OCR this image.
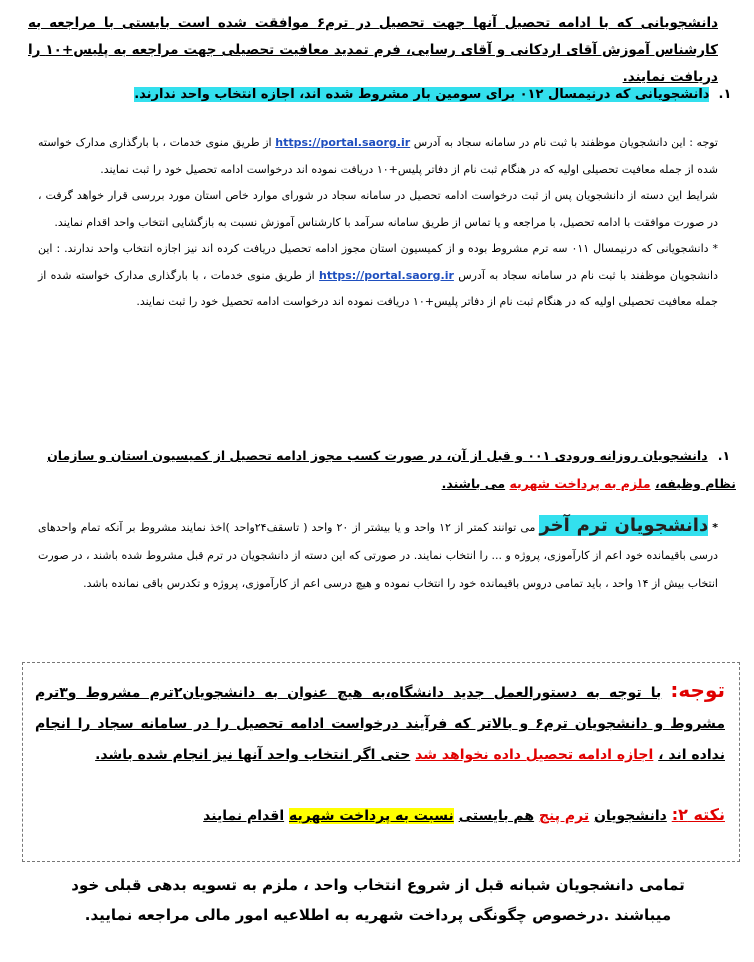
دانشجویانی که با ادامه تحصیل آنها جهت تحصیل در ترم۶ موافقت شده است بایستی با مراجعه به کارشناس آموزش آقای اردکانی و آقای رسایی، فرم تمدید معافیت تحصیلی جهت مراجعه به پلیس+۱۰ را دریافت نمایند.
۱. دانشجویانی که درنیمسال ۰۱۲ برای سومین بار مشروط شده اند، اجازه انتخاب واحد ندارند.

توجه : این دانشجویان موظفند با ثبت نام در سامانه سجاد به آدرس https://portal.saorg.ir از طریق منوی خدمات ، با بارگذاری مدارک خواسته شده از جمله معافیت تحصیلی اولیه که در هنگام ثبت نام از دفاتر پلیس+۱۰ دریافت نموده اند درخواست ادامه تحصیل خود را ثبت نمایند.

شرایط این دسته از دانشجویان پس از ثبت درخواست ادامه تحصیل در سامانه سجاد در شورای موارد خاص استان مورد بررسی قرار خواهد گرفت ، در صورت موافقت با ادامه تحصیل، با مراجعه و یا تماس از طریق سامانه سرآمد با کارشناس آموزش نسبت به بازگشایی انتخاب واحد اقدام نمایند.

* دانشجویانی که درنیمسال ۰۱۱ سه ترم مشروط بوده و از کمیسیون استان مجوز ادامه تحصیل دریافت کرده اند نیز اجازه انتخاب واحد ندارند. : این دانشجویان موظفند با ثبت نام در سامانه سجاد به آدرس https://portal.saorg.ir از طریق منوی خدمات ، با بارگذاری مدارک خواسته شده از جمله معافیت تحصیلی اولیه که در هنگام ثبت نام از دفاتر پلیس+۱۰ دریافت نموده اند درخواست ادامه تحصیل خود را ثبت نمایند.

۱. دانشجویان روزانه ورودی ۰۰۱ و قبل از آن، در صورت کسب مجوز ادامه تحصیل از کمیسیون استان و سازمان نظام وظیفه، ملزم به پرداخت شهریه می باشند.
* دانشجویان ترم آخر می توانند کمتر از ۱۲ واحد و یا بیشتر از ۲۰ واحد ( تاسقف۲۴واحد )اخذ نمایند مشروط بر آنکه تمام واحدهای درسی باقیمانده خود اعم از کارآموزی، پروژه و ... را انتخاب نمایند. در صورتی که این دسته از دانشجویان در ترم قبل مشروط شده باشند ، در صورت انتخاب بیش از ۱۴ واحد ، باید تمامی دروس باقیمانده خود را انتخاب نموده و هیچ درسی اعم از کارآموزی، پروژه و تکدرس باقی نمانده باشد.
توجه: با توجه به دستورالعمل جدید دانشگاه،به هیچ عنوان به دانشجویان۲ترم مشروط و۳ترم مشروط و دانشجویان ترم۶ و بالاتر که فرآیند درخواست ادامه تحصیل را در سامانه سجاد را انجام نداده اند ، اجازه ادامه تحصیل داده نخواهد شد حتی اگر انتخاب واحد آنها نیز انجام شده باشد.
نکته ۲: دانشجویان ترم پنج هم بایستی نسبت به پرداخت شهریه اقدام نمایند
تمامی دانشجویان شبانه قبل از شروع انتخاب واحد ، ملزم به تسویه بدهی قبلی خود میباشند .درخصوص چگونگی پرداخت شهریه به اطلاعیه امور مالی مراجعه نمایید.
